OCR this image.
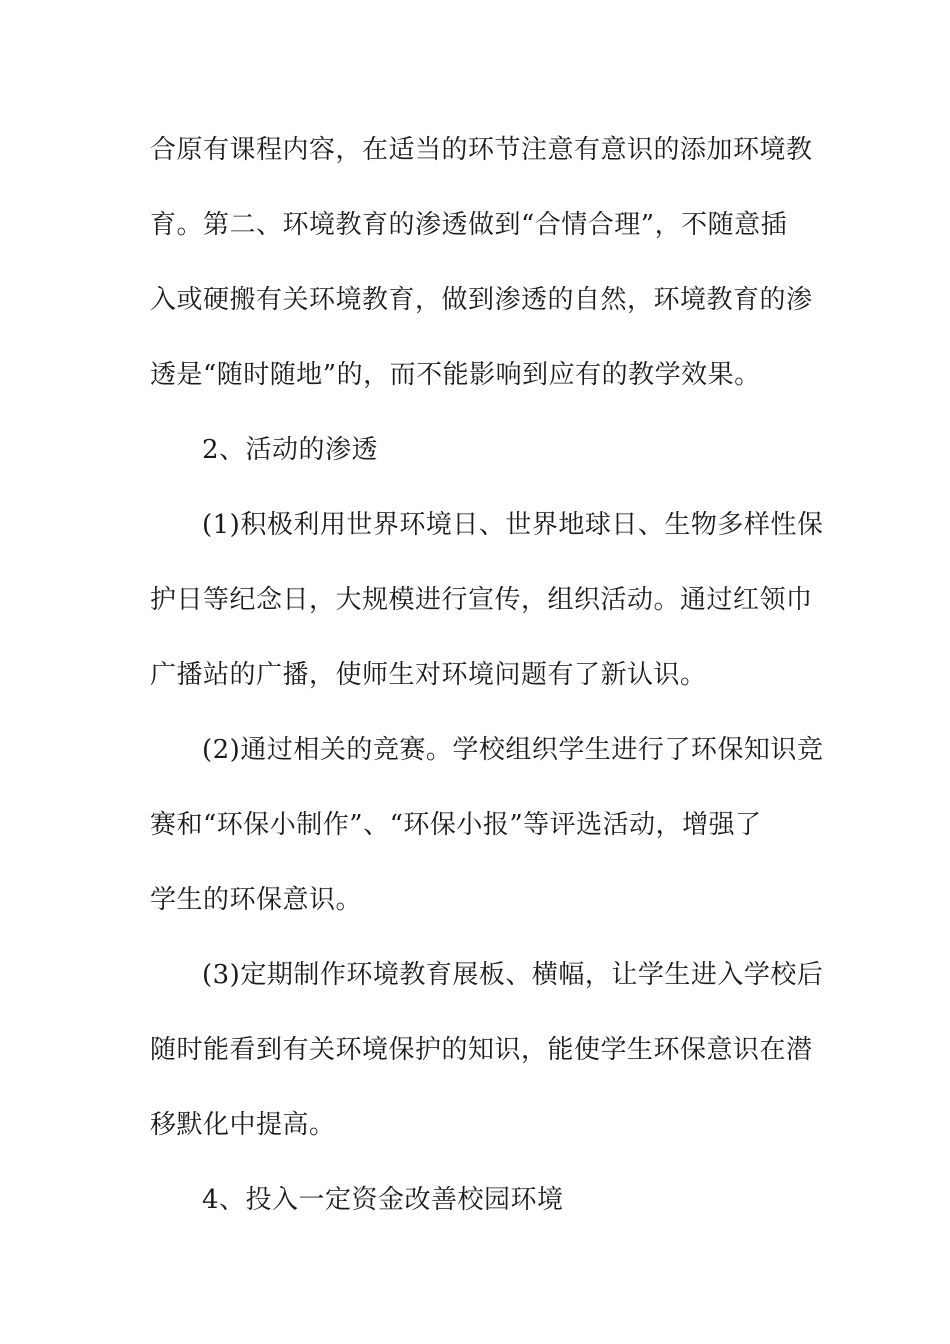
合原有课程内容，在适当的环节注意有意识的添加环境教
育。第二、环境教育的渗透做到“合情合理”，不随意插
入或硬搬有关环境教育，做到渗透的自然，环境教育的渗
透是“随时随地”的，而不能影响到应有的教学效果。
2、活动的渗透
(1)积极利用世界环境日、世界地球日、生物多样性保
护日等纪念日，大规模进行宣传，组织活动。通过红领巾
广播站的广播，使师生对环境问题有了新认识。
(2)通过相关的竞赛。学校组织学生进行了环保知识竞
赛和“环保小制作”、“环保小报”等评选活动，增强了
学生的环保意识。
(3)定期制作环境教育展板、横幅，让学生进入学校后
随时能看到有关环境保护的知识，能使学生环保意识在潜
移默化中提高。
4、投入一定资金改善校园环境
